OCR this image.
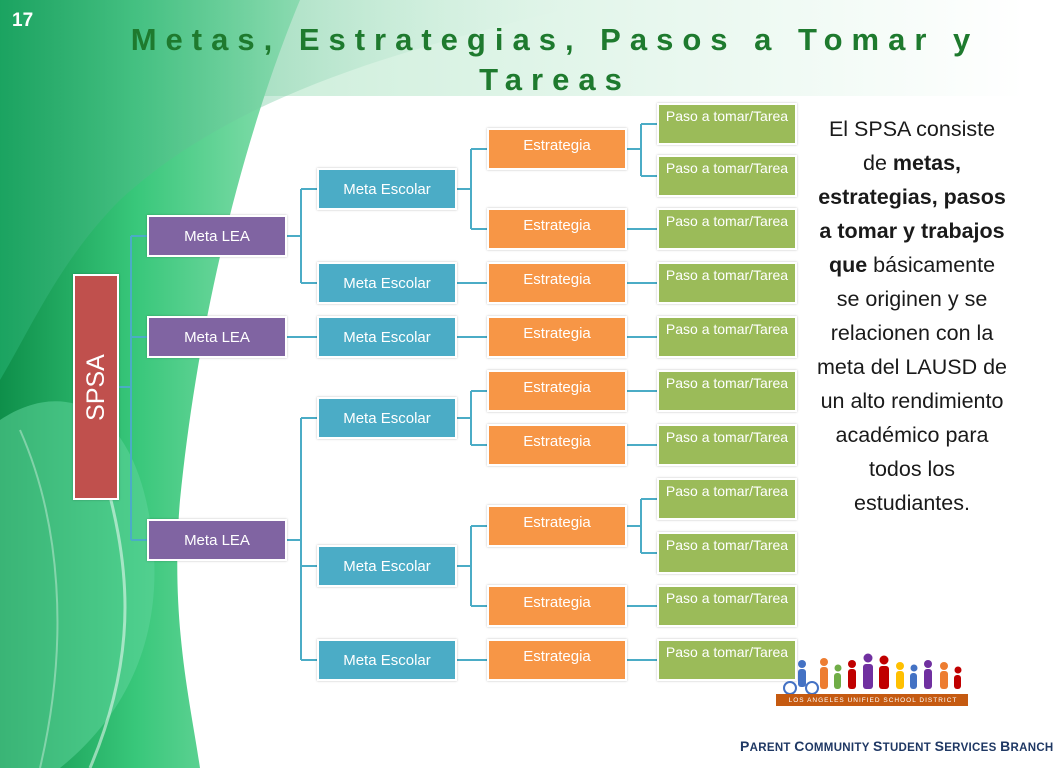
17
Metas, Estrategias, Pasos a Tomar y Tareas
SPSA
Meta LEA
Meta LEA
Meta LEA
Meta Escolar
Meta Escolar
Meta Escolar
Meta Escolar
Meta Escolar
Meta Escolar
Estrategia
Estrategia
Estrategia
Estrategia
Estrategia
Estrategia
Estrategia
Estrategia
Estrategia
Paso a tomar/Tarea
Paso a tomar/Tarea
Paso a tomar/Tarea
Paso a tomar/Tarea
Paso a tomar/Tarea
Paso a tomar/Tarea
Paso a tomar/Tarea
Paso a tomar/Tarea
Paso a tomar/Tarea
Paso a tomar/Tarea
Paso a tomar/Tarea
El SPSA consiste de metas, estrategias, pasos a tomar y trabajos que básicamente se originen y se relacionen con la meta del LAUSD de un alto rendimiento académico para todos los estudiantes.
LOS ANGELES UNIFIED SCHOOL DISTRICT
PARENT COMMUNITY STUDENT SERVICES BRANCH
